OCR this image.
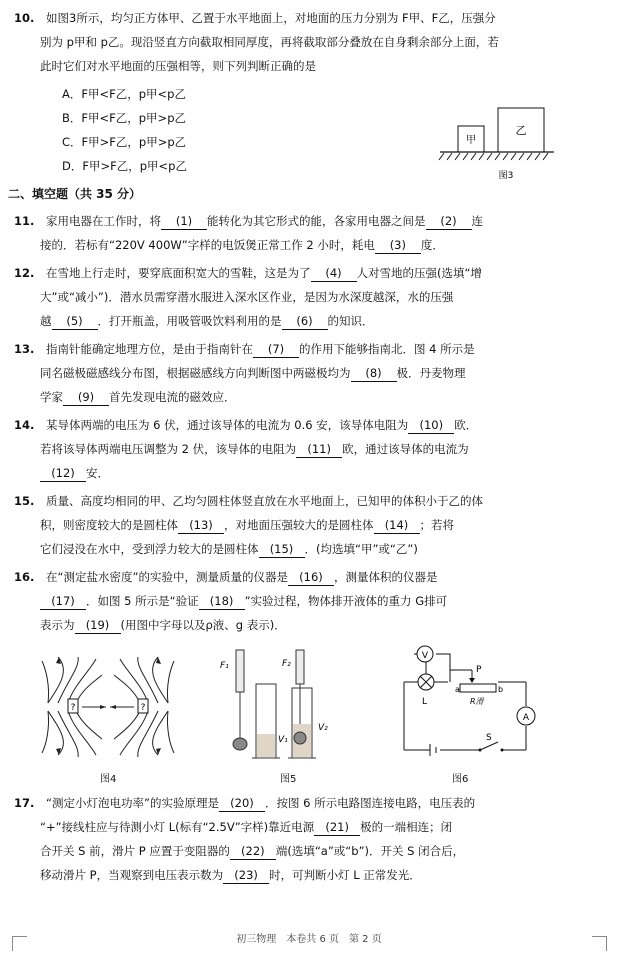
10. 如图3所示，均匀正方体甲、乙置于水平地面上，对地面的压力分别为 F甲、F乙，压强分
别为 p甲和 p乙。现沿竖直方向截取相同厚度，再将截取部分叠放在自身剩余部分上面，若
此时它们对水平地面的压强相等，则下列判断正确的是
A．F甲<F乙，p甲<p乙
B．F甲<F乙，p甲>p乙
C．F甲>F乙，p甲>p乙
D．F甲>F乙，p甲<p乙
甲
乙
图3
二、填空题（共 35 分）
11. 家用电器在工作时，将 (1) 能转化为其它形式的能，各家用电器之间是 (2) 连
接的．若标有“220V 400W”字样的电饭煲正常工作 2 小时，耗电 (3) 度．
12. 在雪地上行走时，要穿底面积宽大的雪鞋，这是为了 (4) 人对雪地的压强(选填“增
大”或“减小”)．潜水员需穿潜水服进入深水区作业，是因为水深度越深，水的压强
越 (5) ．打开瓶盖，用吸管吸饮料利用的是 (6) 的知识．
13. 指南针能确定地理方位，是由于指南针在 (7) 的作用下能够指南北．图 4 所示是
同名磁极磁感线分布图，根据磁感线方向判断图中两磁极均为 (8) 极．丹麦物理
学家 (9) 首先发现电流的磁效应．
14. 某导体两端的电压为 6 伏，通过该导体的电流为 0.6 安，该导体电阻为 (10) 欧．
若将该导体两端电压调整为 2 伏，该导体的电阻为 (11) 欧，通过该导体的电流为
(12) 安．
15. 质量、高度均相同的甲、乙均匀圆柱体竖直放在水平地面上，已知甲的体积小于乙的体
积，则密度较大的是圆柱体 (13) ，对地面压强较大的是圆柱体 (14) ；若将
它们浸没在水中，受到浮力较大的是圆柱体 (15) ．(均选填“甲”或“乙”)
16. 在“测定盐水密度”的实验中，测量质量的仪器是 (16) ，测量体积的仪器是
(17) ．如图 5 所示是“验证 (18) ”实验过程，物体排开液体的重力 G排可
表示为 (19) (用图中字母以及ρ液、g 表示)．
?	?
图4
F₁
V₁
F₂
V₂
图5
V
A
L
P
a	b
R滑
S
图6
17. “测定小灯泡电功率”的实验原理是 (20) ．按图 6 所示电路图连接电路，电压表的
“+”接线柱应与待测小灯 L(标有“2.5V”字样)靠近电源 (21) 极的一端相连；闭
合开关 S 前，滑片 P 应置于变阻器的 (22) 端(选填“a”或“b”)．开关 S 闭合后，
移动滑片 P，当观察到电压表示数为 (23) 时，可判断小灯 L 正常发光．
初三物理　本卷共 6 页　第 2 页
